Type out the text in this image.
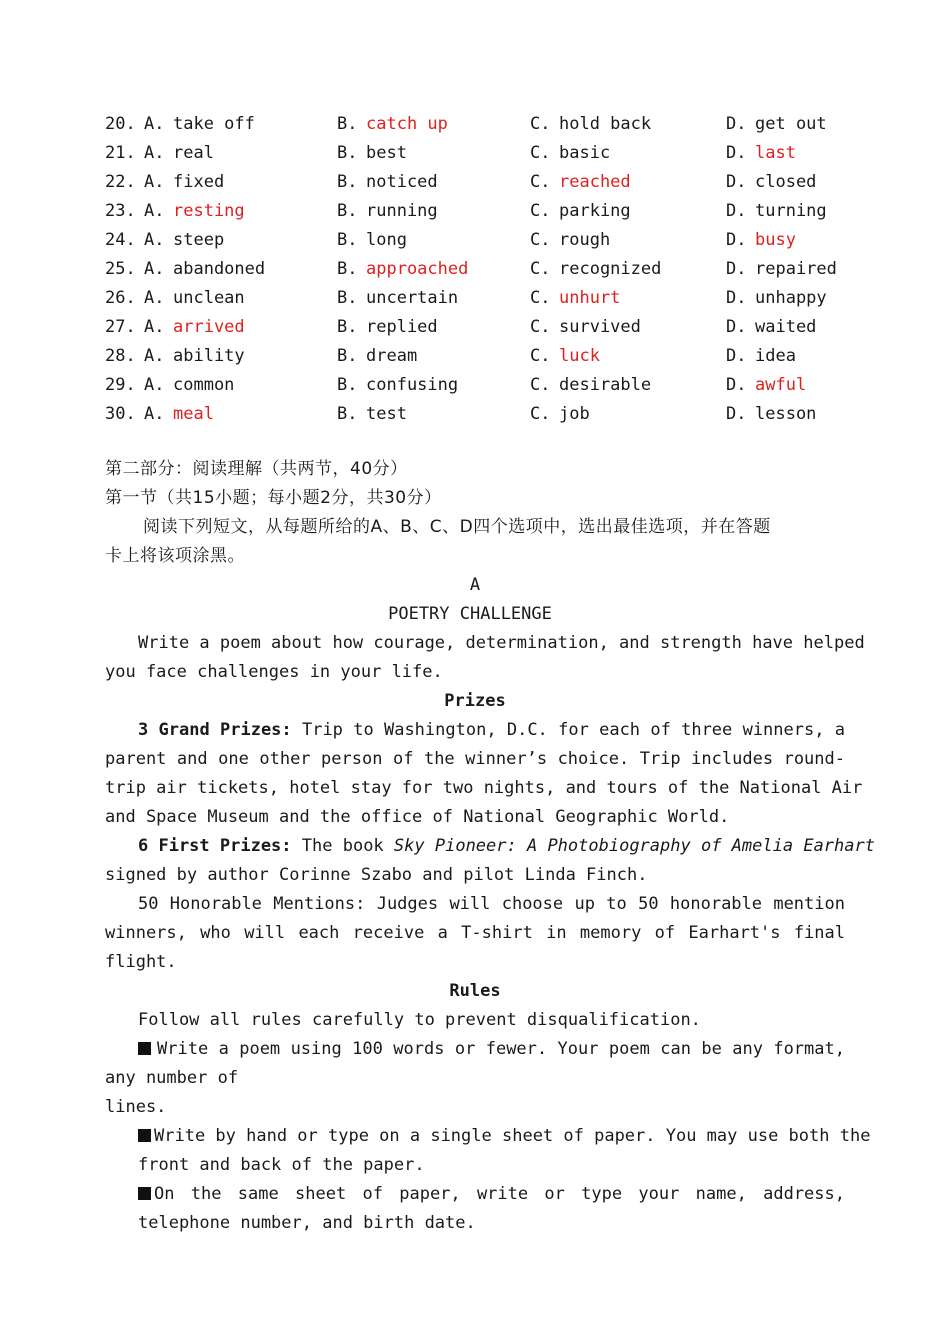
20. A. take off	B. catch up	C. hold back	D. get out
21. A. real	B. best	C. basic	D. last
22. A. fixed	B. noticed	C. reached	D. closed
23. A. resting	B. running	C. parking	D. turning
24. A. steep	B. long	C. rough	D. busy
25. A. abandoned	B. approached	C. recognized	D. repaired
26. A. unclean	B. uncertain	C. unhurt	D. unhappy
27. A. arrived	B. replied	C. survived	D. waited
28. A. ability	B. dream	C. luck	D. idea
29. A. common	B. confusing	C. desirable	D. awful
30. A. meal	B. test	C. job	D. lesson
第二部分：阅读理解（共两节，40分）
第一节（共15小题；每小题2分，共30分）
阅读下列短文，从每题所给的A、B、C、D四个选项中，选出最佳选项，并在答题
卡上将该项涂黑。
A
POETRY CHALLENGE
Write a poem about how courage, determination, and strength have helped
you face challenges in your life.
Prizes
3 Grand Prizes: Trip to Washington, D.C. for each of three winners, a
parent and one other person of the winner’s choice. Trip includes round-
trip air tickets, hotel stay for two nights, and tours of the National Air
and Space Museum and the office of National Geographic World.
6 First Prizes: The book Sky Pioneer: A Photobiography of Amelia Earhart
signed by author Corinne Szabo and pilot Linda Finch.
50 Honorable Mentions: Judges will choose up to 50 honorable mention
winners, who will each receive a T-shirt in memory of Earhart's final
flight.
Rules
Follow all rules carefully to prevent disqualification.
Write a poem using 100 words or fewer. Your poem can be any format,
any number of
lines.
Write by hand or type on a single sheet of paper. You may use both the
front and back of the paper.
On the same sheet of paper, write or type your name, address,
telephone number, and birth date.
